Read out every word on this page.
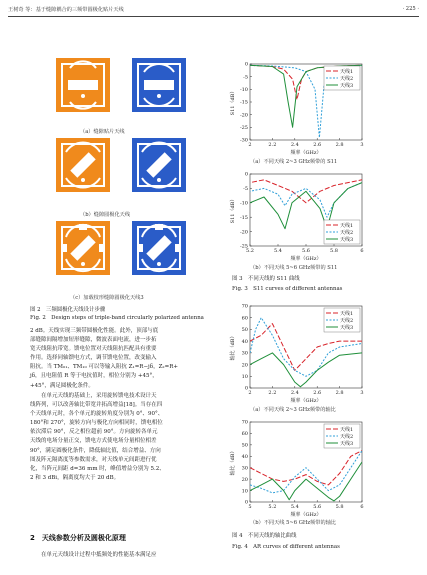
王树奇 等：基于缝隙耦合的三频带圆极化贴片天线	· 225 ·
（a）缝隙贴片天线
（b）缝隙圆极化天线
（c）加载枝形缝隙圆极化天线3
图 2　三频圆极化天线设计步骤
Fig. 2　Design steps of triple-band circularly polarized antenna
2 dB。天线实现三频带圆极化性能。此外，顶部与底
部缝隙间隔增加短形缝隙，微波表面电流，进一步拓
宽天线阻抗带宽。馈电位置对天线阻抗匹配具有重要
作用。选择同轴馈电方式，调节馈电位置，改变输入
阻抗。当 TM₀₁、TM₁₀ 可以等输入阻抗 Z₁=R−jδ，Z₂=R+
jδ，且电阻值 R 等于电抗值时，相位分别为 +45°，
+45°，满足圆极化条件。
在单元天线的基础上，采用旋转馈电技术设计天
线阵列，可以改善轴比带宽并拓高增益[18]。当存在四
个天线单元时，各个单元的旋转角度分别为 0°、90°、
180°和 270°，旋转方向与极化方向相同时，馈电相位
依次滞后 90°，反之相位超前 90°。方向旋转各单元
天线的电场分量正交，馈电方式使电场分量相位相差
90°，满足圆极化条件，降低轴比值，结合增益、方向
图及阵元隔离度等参数需求，对天线单元间距进行优
化，当阵元间距 d=36 mm 时，峰值增益分别为 5.2、
2 和 3 dBi，隔离度均大于 20 dB。
2　天线参数分析及圆极化原理
在单元天线设计过程中抵频处的性能基本满足应
2	2.2	2.4	2.6	2.8	3
0
-5
-10
-15
-20
-25
-30
频率（GHz）
S11（dB）
天线1
天线2
天线3
（a）不同天线 2~3 GHz频带的 S11
5.2	5.4	5.6	5.8	6
0
-5
-10
-15
-20
-25
频率（GHz）
S11（dB）
天线1
天线2
天线3
（b）不同天线 5~6 GHz频带的 S11
图 3　不同天线的 S11 曲线
Fig. 3　S11 curves of different antennas
2	2.2	2.4	2.6	2.8	3
70
60
50
40
30
20
10
0
频率（GHz）
轴比（dB）
天线1
天线2
天线3
（a）不同天线 2~3 GHz频带的轴比
5	5.2	5.4	5.6	5.8	6
70
60
50
40
30
20
10
0
频率（GHz）
轴比（dB）
天线1
天线2
天线3
（b）不同天线 5~6 GHz频带的轴比
图 4　不同天线的轴比曲线
Fig. 4　AR curves of different antennas
